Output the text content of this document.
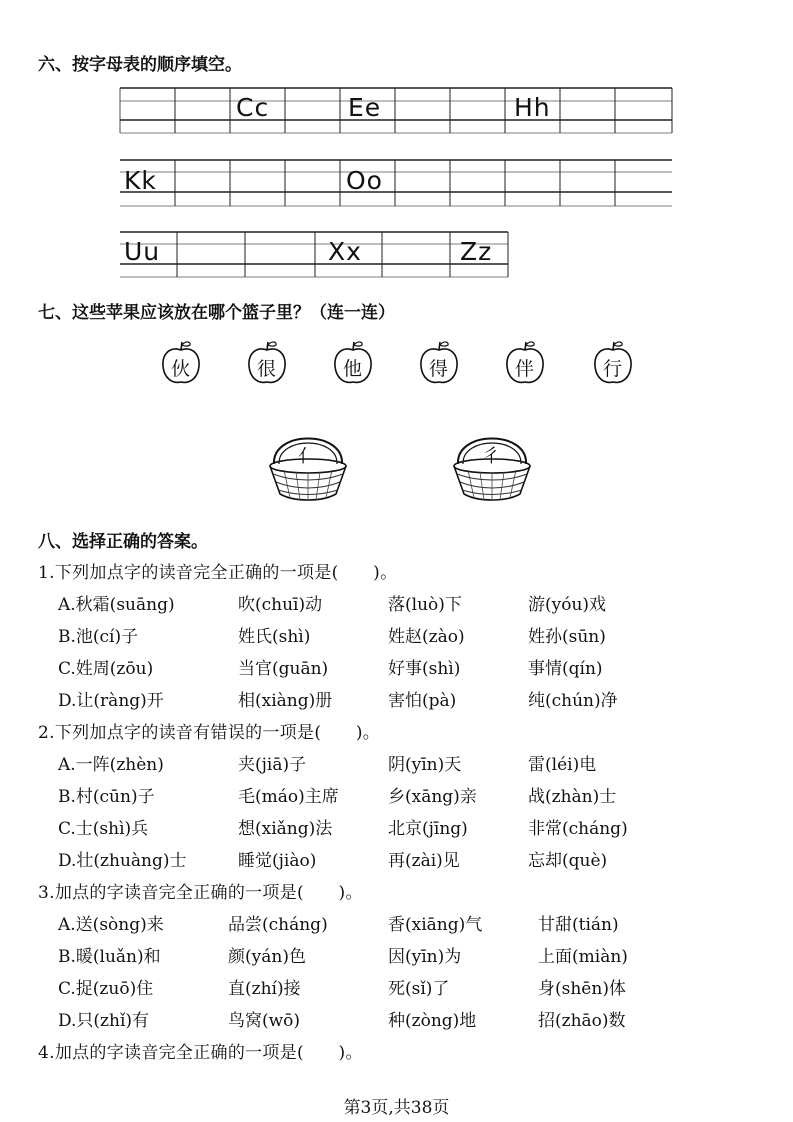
六、按字母表的顺序填空。
Cc	Ee	Hh
Kk	Oo
Uu	Xx	Zz
七、这些苹果应该放在哪个篮子里？（连一连）
伙	很	他	得	伴	行
亻	彳
八、选择正确的答案。
1.下列加点字的读音完全正确的一项是(　　)。
A.秋霜(suāng)	吹(chuī)动	落(luò)下	游(yóu)戏
B.池(cí)子	姓氏(shì)	姓赵(zào)	姓孙(sūn)
C.姓周(zōu)	当官(guān)	好事(shì)	事情(qín)
D.让(ràng)开	相(xiàng)册	害怕(pà)	纯(chún)净
2.下列加点字的读音有错误的一项是(　　)。
A.一阵(zhèn)	夹(jiā)子	阴(yīn)天	雷(léi)电
B.村(cūn)子	毛(máo)主席	乡(xāng)亲	战(zhàn)士
C.士(shì)兵	想(xiǎng)法	北京(jīng)	非常(cháng)
D.壮(zhuàng)士	睡觉(jiào)	再(zài)见	忘却(què)
3.加点的字读音完全正确的一项是(　　)。
A.送(sòng)来	品尝(cháng)	香(xiāng)气	甘甜(tián)
B.暖(luǎn)和	颜(yán)色	因(yīn)为	上面(miàn)
C.捉(zuō)住	直(zhí)接	死(sǐ)了	身(shēn)体
D.只(zhǐ)有	鸟窝(wō)	种(zòng)地	招(zhāo)数
4.加点的字读音完全正确的一项是(　　)。
第3页,共38页
